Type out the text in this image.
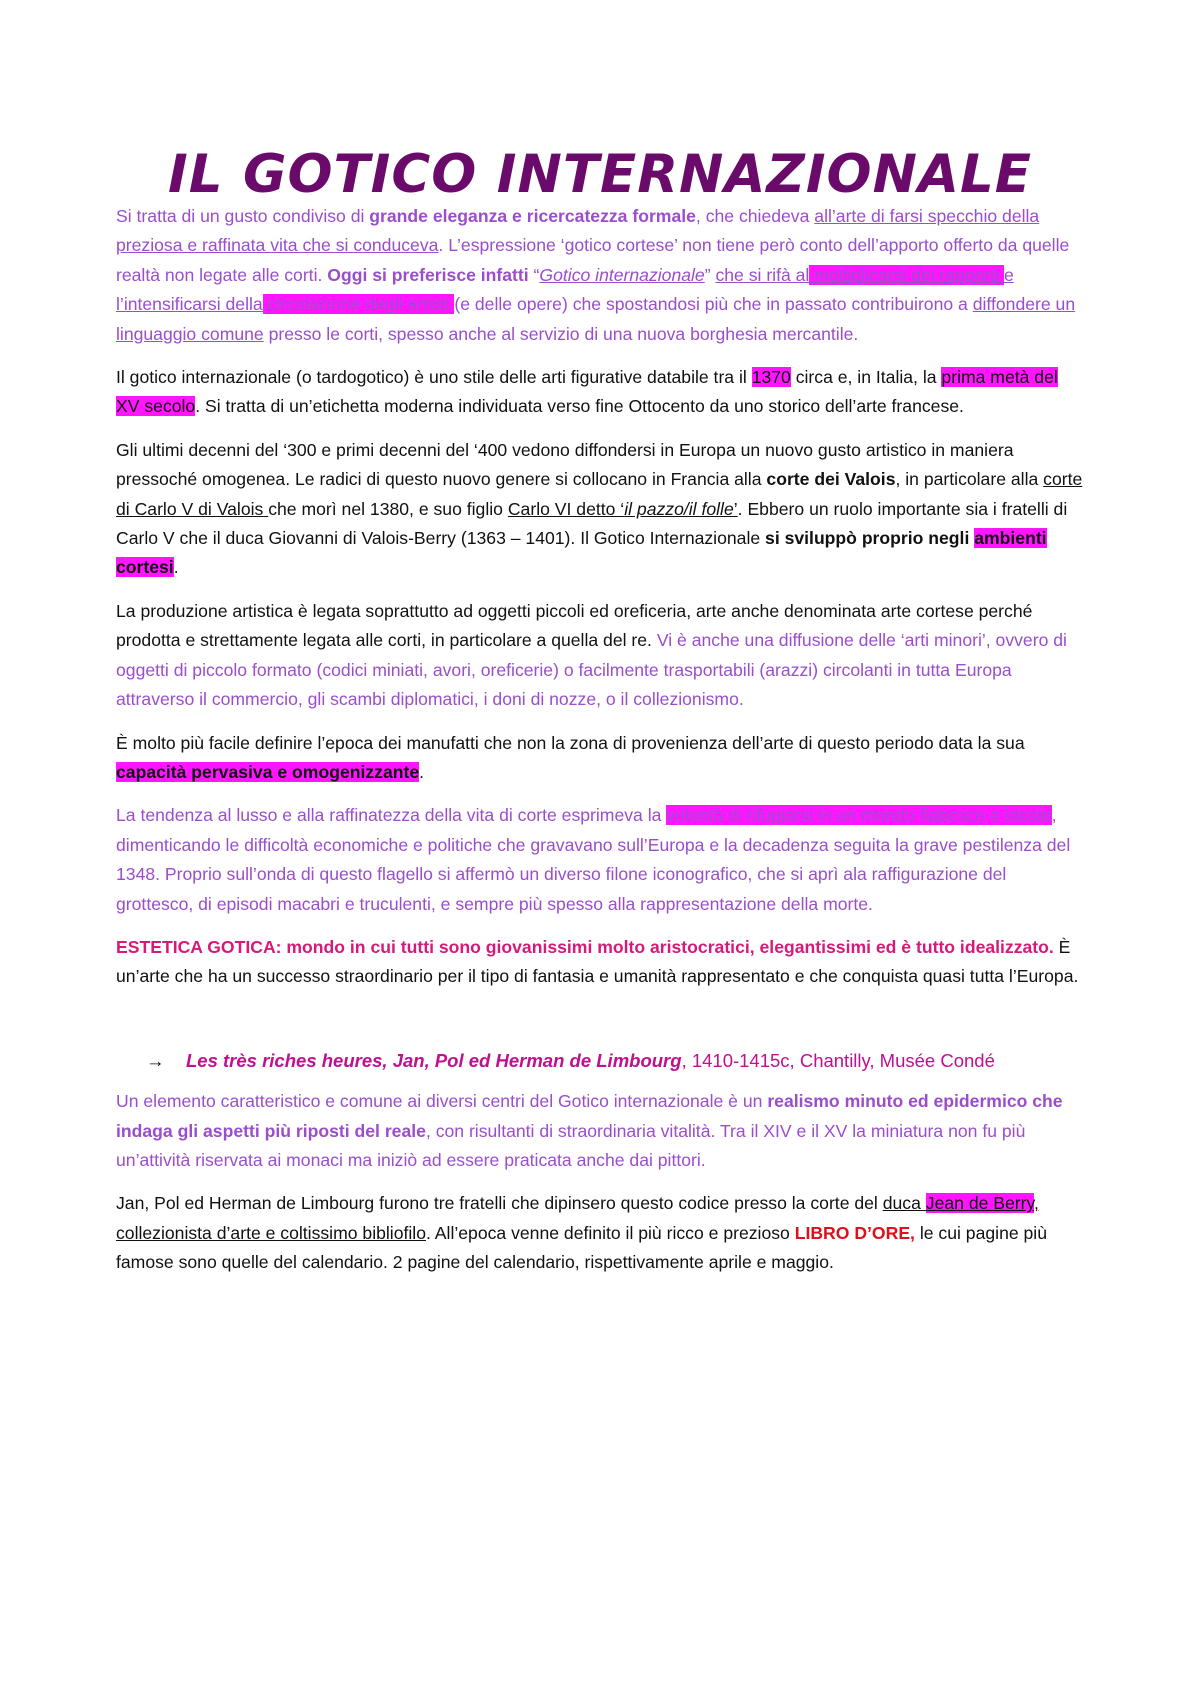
IL GOTICO INTERNAZIONALE

Si tratta di un gusto condiviso di grande eleganza e ricercatezza formale, che chiedeva all’arte di farsi specchio della preziosa e raffinata vita che si conduceva. L’espressione ‘gotico cortese’ non tiene però conto dell’apporto offerto da quelle realtà non legate alle corti. Oggi si preferisce infatti “Gotico internazionale” che si rifà al moltiplicarsi dei rapporti e l’intensificarsi della circolazione degli artisti (e delle opere) che spostandosi più che in passato contribuirono a diffondere un linguaggio comune presso le corti, spesso anche al servizio di una nuova borghesia mercantile.

Il gotico internazionale (o tardogotico) è uno stile delle arti figurative databile tra il 1370 circa e, in Italia, la prima metà del XV secolo. Si tratta di un’etichetta moderna individuata verso fine Ottocento da uno storico dell’arte francese.

Gli ultimi decenni del ‘300 e primi decenni del ‘400 vedono diffondersi in Europa un nuovo gusto artistico in maniera pressoché omogenea. Le radici di questo nuovo genere si collocano in Francia alla corte dei Valois, in particolare alla corte di Carlo V di Valois che morì nel 1380, e suo figlio Carlo VI detto ‘il pazzo/il folle’. Ebbero un ruolo importante sia i fratelli di Carlo V che il duca Giovanni di Valois-Berry (1363 – 1401). Il Gotico Internazionale si sviluppò proprio negli ambienti cortesi.

La produzione artistica è legata soprattutto ad oggetti piccoli ed oreficeria, arte anche denominata arte cortese perché prodotta e strettamente legata alle corti, in particolare a quella del re. Vi è anche una diffusione delle ‘arti minori’, ovvero di oggetti di piccolo formato (codici miniati, avori, oreficerie) o facilmente trasportabili (arazzi) circolanti in tutta Europa attraverso il commercio, gli scambi diplomatici, i doni di nozze, o il collezionismo.

È molto più facile definire l’epoca dei manufatti che non la zona di provenienza dell’arte di questo periodo data la sua capacità pervasiva e omogenizzante.

La tendenza al lusso e alla raffinatezza della vita di corte esprimeva la volontà di rifugiarsi in un mondo fiabesco e ideale, dimenticando le difficoltà economiche e politiche che gravavano sull’Europa e la decadenza seguita la grave pestilenza del 1348. Proprio sull’onda di questo flagello si affermò un diverso filone iconografico, che si aprì ala raffigurazione del grottesco, di episodi macabri e truculenti, e sempre più spesso alla rappresentazione della morte.

ESTETICA GOTICA: mondo in cui tutti sono giovanissimi molto aristocratici, elegantissimi ed è tutto idealizzato. È un’arte che ha un successo straordinario per il tipo di fantasia e umanità rappresentato e che conquista quasi tutta l’Europa.

→ Les très riches heures, Jan, Pol ed Herman de Limbourg, 1410-1415c, Chantilly, Musée Condé

Un elemento caratteristico e comune ai diversi centri del Gotico internazionale è un realismo minuto ed epidermico che indaga gli aspetti più riposti del reale, con risultanti di straordinaria vitalità. Tra il XIV e il XV la miniatura non fu più un’attività riservata ai monaci ma iniziò ad essere praticata anche dai pittori.

Jan, Pol ed Herman de Limbourg furono tre fratelli che dipinsero questo codice presso la corte del duca Jean de Berry, collezionista d’arte e coltissimo bibliofilo. All’epoca venne definito il più ricco e prezioso LIBRO D’ORE, le cui pagine più famose sono quelle del calendario. 2 pagine del calendario, rispettivamente aprile e maggio.
